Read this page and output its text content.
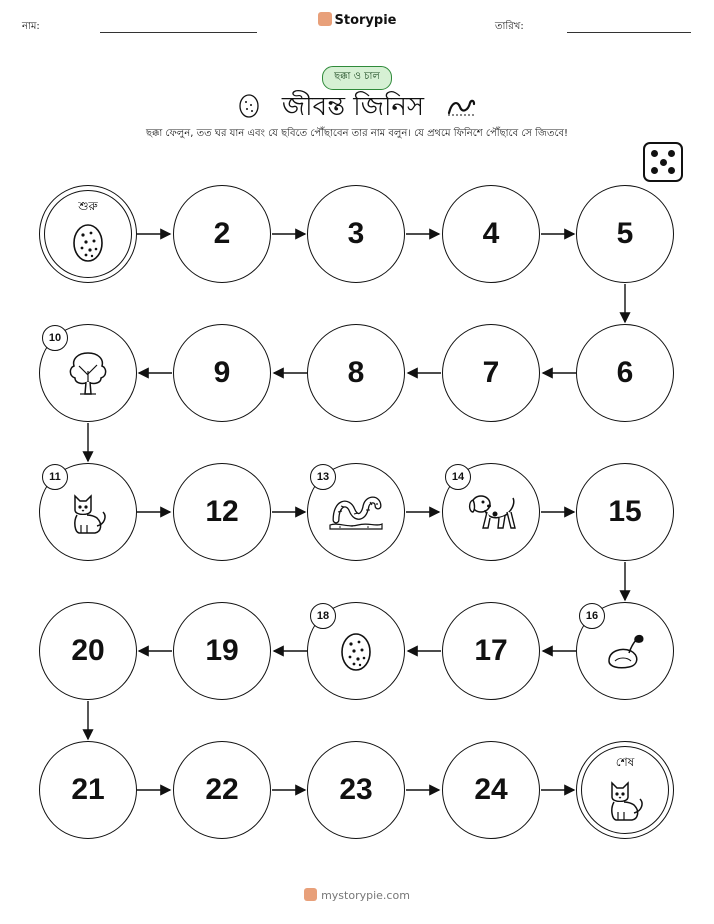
নাম:	Storypie	তারিখ:
ছক্কা ও চাল
জীবন্ত জিনিস
ছক্কা ফেলুন, তত ঘর যান এবং যে ছবিতে পৌঁছাবেন তার নাম বলুন। যে প্রথমে ফিনিশে পৌঁছাবে সে জিতবে!
শেষ
24
23
22
21
20	19	17
15
12
9	8	7	6
5
4
3
2
শুরু
10
11	13	14
16
18
mystorypie.com
